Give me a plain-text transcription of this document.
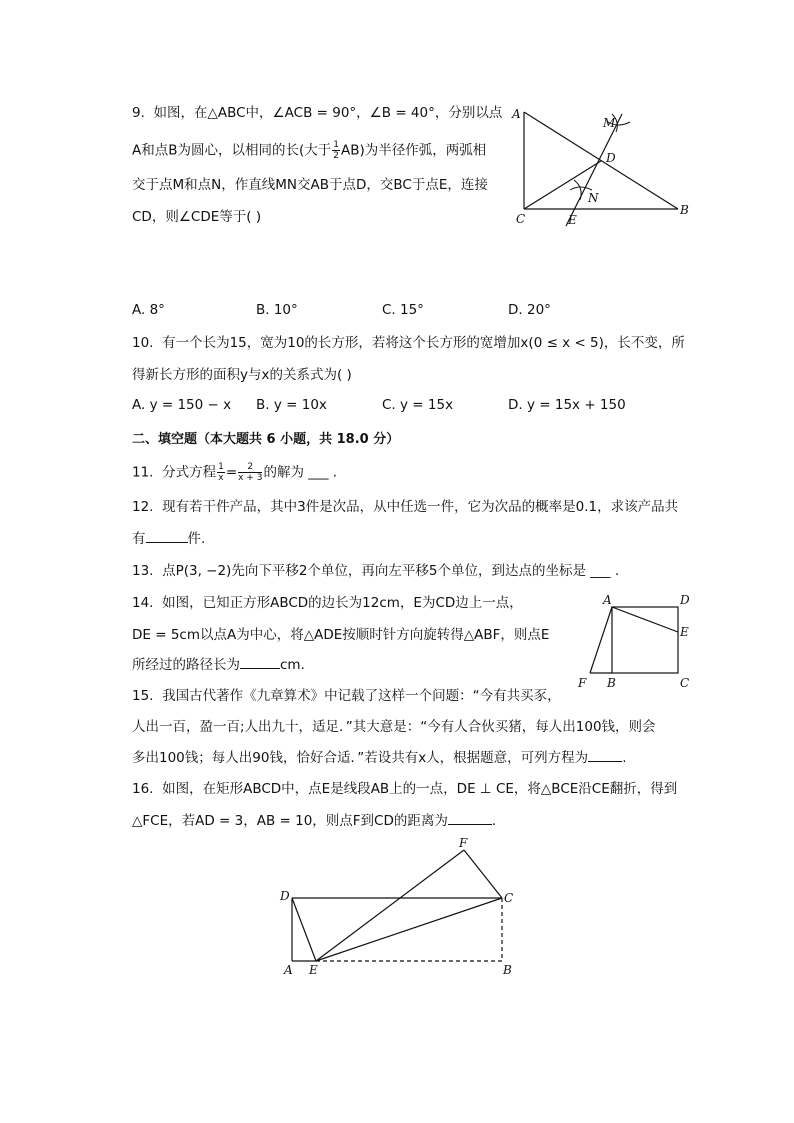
9. 如图，在△ABC中，∠ACB = 90°，∠B = 40°，分别以点
A和点B为圆心，以相同的长(大于 $\frac{1}{2} AB$)为半径作弧，两弧相
交于点M和点N，作直线MN交AB于点D，交BC于点E，连接
CD，则∠CDE等于( )
A
B
C
D
E
M
N
A. 8°	B. 10°	C. 15°	D. 20°
10. 有一个长为15，宽为10的长方形，若将这个长方形的宽增加x(0 ≤ x < 5)，长不变，所
得新长方形的面积y与x的关系式为( )
A. y = 150 − x B. y = 10x	C. y = 15x	D. y = 15x + 150
二、填空题（本大题共 6 小题，共 18.0 分）
11. 分式方程 $\frac{1}{x} = \frac{2}{x + 3}$ 的解为 ___ .
12. 现有若干件产品，其中3件是次品，从中任选一件，它为次品的概率是0.1，求该产品共
有	件.
13. 点P(3, −2)先向下平移2个单位，再向左平移5个单位，到达点的坐标是 ___ .
14. 如图，已知正方形ABCD的边长为12cm，E为CD边上一点，
DE = 5cm以点A为中心，将△ADE按顺时针方向旋转得△ABF，则点E
所经过的路径长为	cm.
A	D
E
F B	C
15. 我国古代著作《九章算术》中记载了这样一个问题：“今有共买豕，
人出一百，盈一百;人出九十，适足．”其大意是：“今有人合伙买猪，每人出100钱，则会
多出100钱；每人出90钱，恰好合适．”若设共有x人，根据题意，可列方程为	.
16. 如图，在矩形ABCD中，点E是线段AB上的一点，DE ⊥ CE，将△BCE沿CE翻折，得到
△FCE，若AD = 3，AB = 10，则点F到CD的距离为	.
F
D	C
A E	B
